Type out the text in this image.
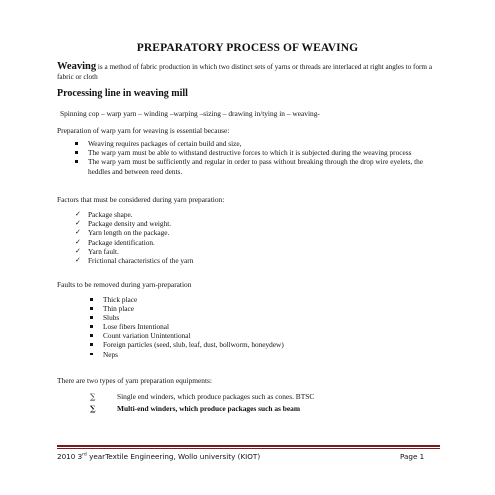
PREPARATORY PROCESS OF WEAVING
Weaving is a method of fabric production in which two distinct sets of yarns or threads are interlaced at right angles to form a fabric or cloth
Processing line in weaving mill
Spinning cop – warp yarn – winding –warping –sizing – drawing in/tying in – weaving-
Preparation of warp yarn for weaving is essential because:
Weaving requires packages of certain build and size,
The warp yarn must be able to withstand destructive forces to which it is subjected during the weaving process
The warp yarn must be sufficiently and regular in order to pass without breaking through the drop wire eyelets, the heddles and between reed dents.
Factors that must be considered during yarn preparation:
✓ Package shape.
✓ Package density and weight.
✓ Yarn length on the package.
✓ Package identification.
✓ Yarn fault.
✓ Frictional characteristics of the yarn
Faults to be removed during yarn-preparation
Thick place
Thin place
Slubs
Lose fibers Intentional
Count variation Unintentional
Foreign particles (seed, slub, leaf, dust, bollworm, honeydew)
Neps
There are two types of yarn preparation equipments:
∑	Single end winders, which produce packages such as cones. BTSC
∑	Multi-end winders, which produce packages such as beam
2010 3rd yearTextile Engineering, Wollo university (KIOT)	Page 1
